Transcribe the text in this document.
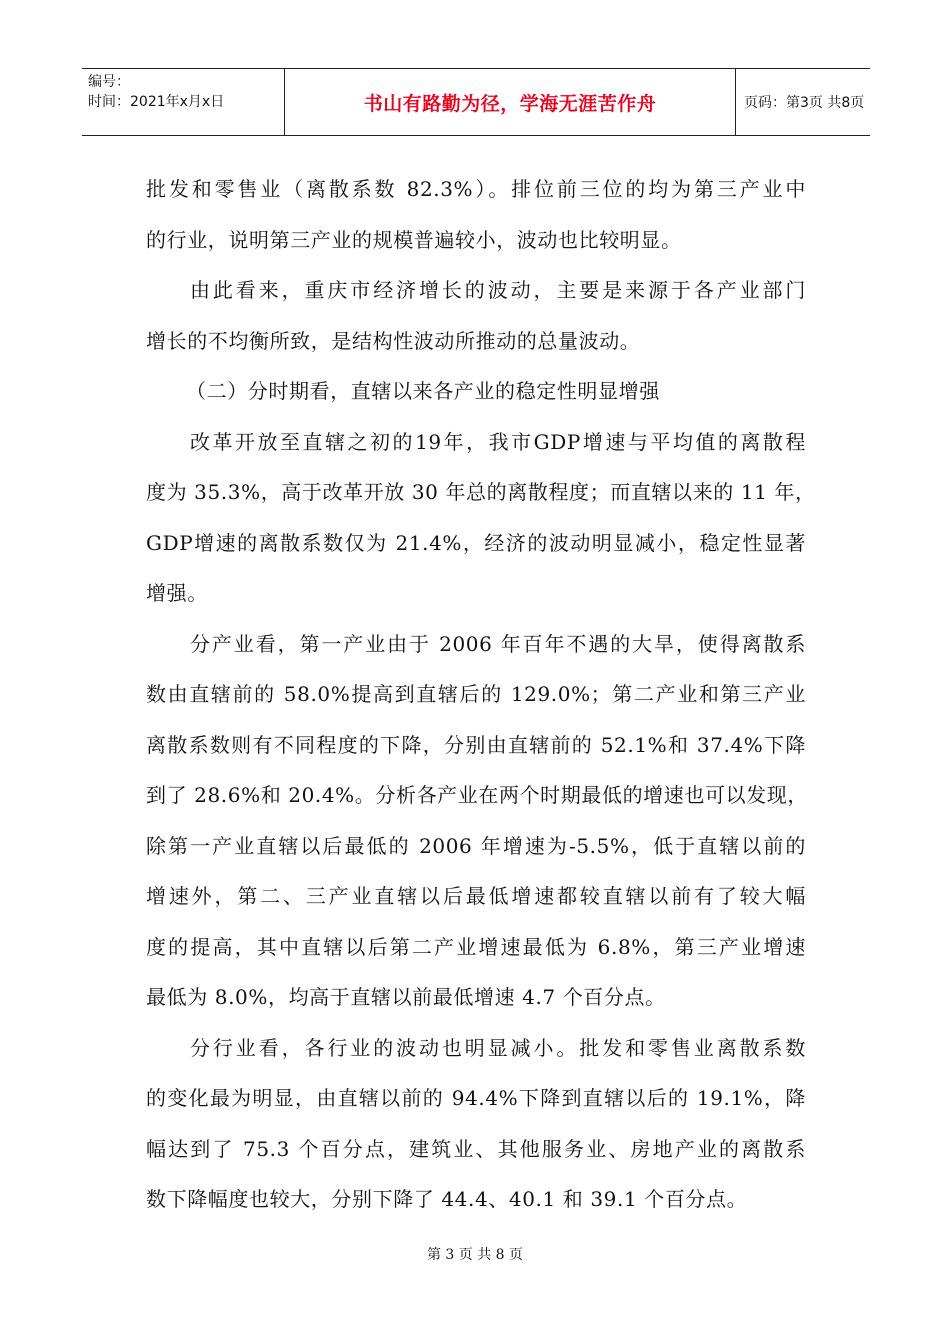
编号：
时间：2021年x月x日	书山有路勤为径，学海无涯苦作舟	页码：第3页 共8页
批发和零售业（离散系数 82.3%）。排位前三位的均为第三产业中
的行业，说明第三产业的规模普遍较小，波动也比较明显。
由此看来，重庆市经济增长的波动，主要是来源于各产业部门
增长的不均衡所致，是结构性波动所推动的总量波动。
（二）分时期看，直辖以来各产业的稳定性明显增强
改革开放至直辖之初的19年，我市GDP增速与平均值的离散程
度为 35.3%，高于改革开放 30 年总的离散程度；而直辖以来的 11 年，
GDP增速的离散系数仅为 21.4%，经济的波动明显减小，稳定性显著
增强。
分产业看，第一产业由于 2006 年百年不遇的大旱，使得离散系
数由直辖前的 58.0%提高到直辖后的 129.0%；第二产业和第三产业
离散系数则有不同程度的下降，分别由直辖前的 52.1%和 37.4%下降
到了 28.6%和 20.4%。分析各产业在两个时期最低的增速也可以发现，
除第一产业直辖以后最低的 2006 年增速为-5.5%，低于直辖以前的
增速外，第二、三产业直辖以后最低增速都较直辖以前有了较大幅
度的提高，其中直辖以后第二产业增速最低为 6.8%，第三产业增速
最低为 8.0%，均高于直辖以前最低增速 4.7 个百分点。
分行业看，各行业的波动也明显减小。批发和零售业离散系数
的变化最为明显，由直辖以前的 94.4%下降到直辖以后的 19.1%，降
幅达到了 75.3 个百分点，建筑业、其他服务业、房地产业的离散系
数下降幅度也较大，分别下降了 44.4、40.1 和 39.1 个百分点。
第 3 页 共 8 页
